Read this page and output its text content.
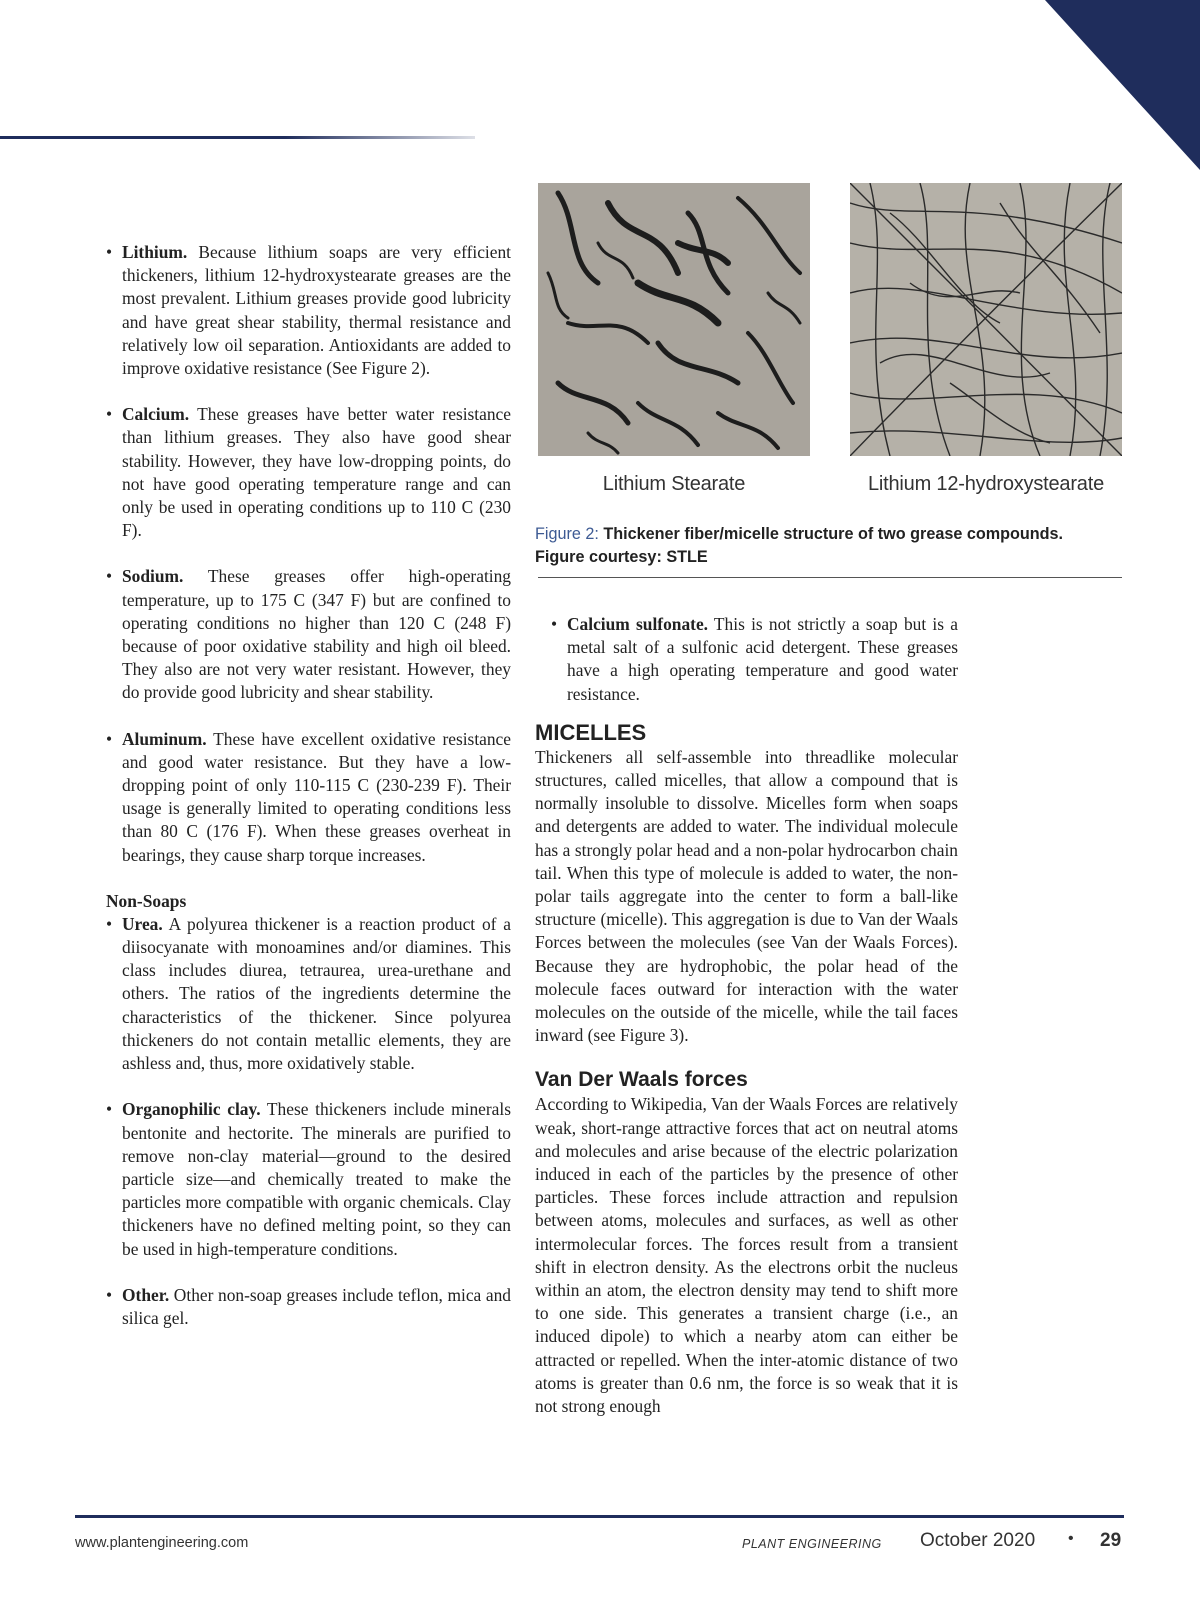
• Lithium. Because lithium soaps are very efficient thickeners, lithium 12-hydroxystearate greases are the most prevalent. Lithium greases provide good lubricity and have great shear stability, thermal resistance and relatively low oil separation. Antioxidants are added to improve oxidative resistance (See Figure 2).

• Calcium. These greases have better water resistance than lithium greases. They also have good shear stability. However, they have low-dropping points, do not have good operating temperature range and can only be used in operating conditions up to 110 C (230 F).

• Sodium. These greases offer high-operating temperature, up to 175 C (347 F) but are confined to operating conditions no higher than 120 C (248 F) because of poor oxidative stability and high oil bleed. They also are not very water resistant. However, they do provide good lubricity and shear stability.

• Aluminum. These have excellent oxidative resistance and good water resistance. But they have a low-dropping point of only 110-115 C (230-239 F). Their usage is generally limited to operating conditions less than 80 C (176 F). When these greases overheat in bearings, they cause sharp torque increases.

Non-Soaps

• Urea. A polyurea thickener is a reaction product of a diisocyanate with monoamines and/or diamines. This class includes diurea, tetraurea, urea-urethane and others. The ratios of the ingredients determine the characteristics of the thickener. Since polyurea thickeners do not contain metallic elements, they are ashless and, thus, more oxidatively stable.

• Organophilic clay. These thickeners include minerals bentonite and hectorite. The minerals are purified to remove non-clay material—ground to the desired particle size—and chemically treated to make the particles more compatible with organic chemicals. Clay thickeners have no defined melting point, so they can be used in high-temperature conditions.

• Other. Other non-soap greases include teflon, mica and silica gel.

Lithium Stearate	Lithium 12-hydroxystearate
Figure 2: Thickener fiber/micelle structure of two grease compounds. Figure courtesy: STLE

• Calcium sulfonate. This is not strictly a soap but is a metal salt of a sulfonic acid detergent. These greases have a high operating temperature and good water resistance.

MICELLES

Thickeners all self-assemble into threadlike molecular structures, called micelles, that allow a compound that is normally insoluble to dissolve. Micelles form when soaps and detergents are added to water. The individual molecule has a strongly polar head and a non-polar hydrocarbon chain tail. When this type of molecule is added to water, the non-polar tails aggregate into the center to form a ball-like structure (micelle). This aggregation is due to Van der Waals Forces between the molecules (see Van der Waals Forces). Because they are hydrophobic, the polar head of the molecule faces outward for interaction with the water molecules on the outside of the micelle, while the tail faces inward (see Figure 3).

Van Der Waals forces

According to Wikipedia, Van der Waals Forces are relatively weak, short-range attractive forces that act on neutral atoms and molecules and arise because of the electric polarization induced in each of the particles by the presence of other particles. These forces include attraction and repulsion between atoms, molecules and surfaces, as well as other intermolecular forces. The forces result from a transient shift in electron density. As the electrons orbit the nucleus within an atom, the electron density may tend to shift more to one side. This generates a transient charge (i.e., an induced dipole) to which a nearby atom can either be attracted or repelled. When the inter-atomic distance of two atoms is greater than 0.6 nm, the force is so weak that it is not strong enough

www.plantengineering.com	PLANT ENGINEERING October 2020 • 29
